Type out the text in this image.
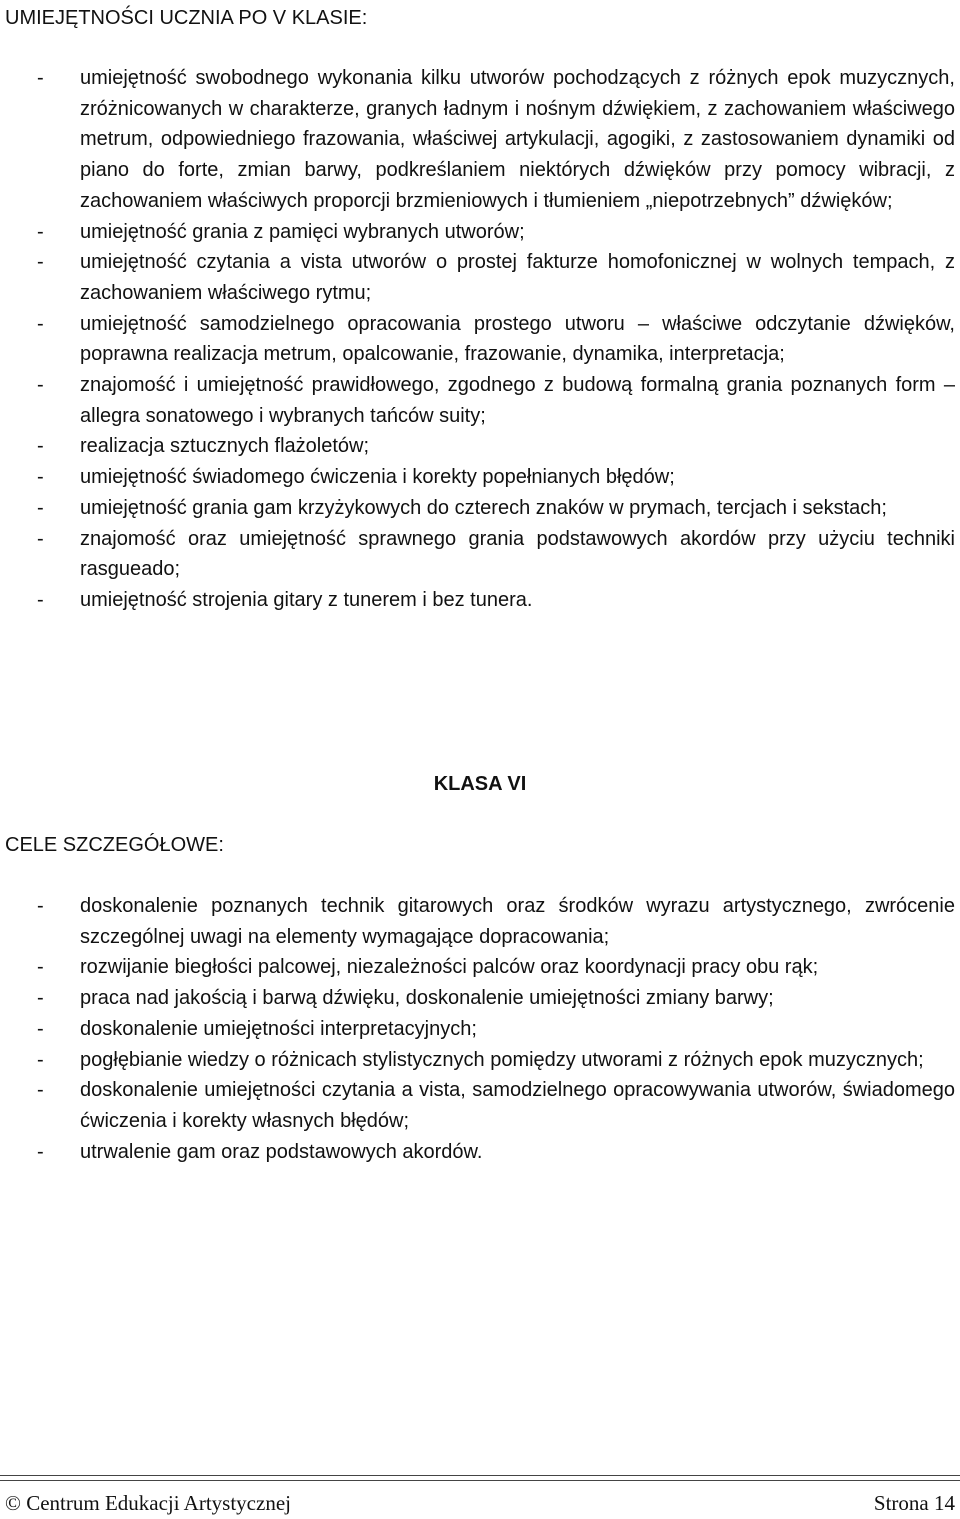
UMIEJĘTNOŚCI UCZNIA PO V KLASIE:
- umiejętność swobodnego wykonania kilku utworów pochodzących z różnych epok muzycznych, zróżnicowanych w charakterze, granych ładnym i nośnym dźwiękiem, z zachowaniem właściwego metrum, odpowiedniego frazowania, właściwej artykulacji, agogiki, z zastosowaniem dynamiki od piano do forte, zmian barwy, podkreślaniem niektórych dźwięków przy pomocy wibracji, z zachowaniem właściwych proporcji brzmieniowych i tłumieniem „niepotrzebnych” dźwięków;
- umiejętność grania z pamięci wybranych utworów;
- umiejętność czytania a vista utworów o prostej fakturze homofonicznej w wolnych tempach, z zachowaniem właściwego rytmu;
- umiejętność samodzielnego opracowania prostego utworu – właściwe odczytanie dźwięków, poprawna realizacja metrum, opalcowanie, frazowanie, dynamika, interpretacja;
- znajomość i umiejętność prawidłowego, zgodnego z budową formalną grania poznanych form – allegra sonatowego i wybranych tańców suity;
- realizacja sztucznych flażoletów;
- umiejętność świadomego ćwiczenia i korekty popełnianych błędów;
- umiejętność grania gam krzyżykowych do czterech znaków w prymach, tercjach i sekstach;
- znajomość oraz umiejętność sprawnego grania podstawowych akordów przy użyciu techniki rasgueado;
- umiejętność strojenia gitary z tunerem i bez tunera.
KLASA VI
CELE SZCZEGÓŁOWE:
- doskonalenie poznanych technik gitarowych oraz środków wyrazu artystycznego, zwrócenie szczególnej uwagi na elementy wymagające dopracowania;
- rozwijanie biegłości palcowej, niezależności palców oraz koordynacji pracy obu rąk;
- praca nad jakością i barwą dźwięku, doskonalenie umiejętności zmiany barwy;
- doskonalenie umiejętności interpretacyjnych;
- pogłębianie wiedzy o różnicach stylistycznych pomiędzy utworami z różnych epok muzycznych;
- doskonalenie umiejętności czytania a vista, samodzielnego opracowywania utworów, świadomego ćwiczenia i korekty własnych błędów;
- utrwalenie gam oraz podstawowych akordów.
© Centrum Edukacji Artystycznej	Strona 14
